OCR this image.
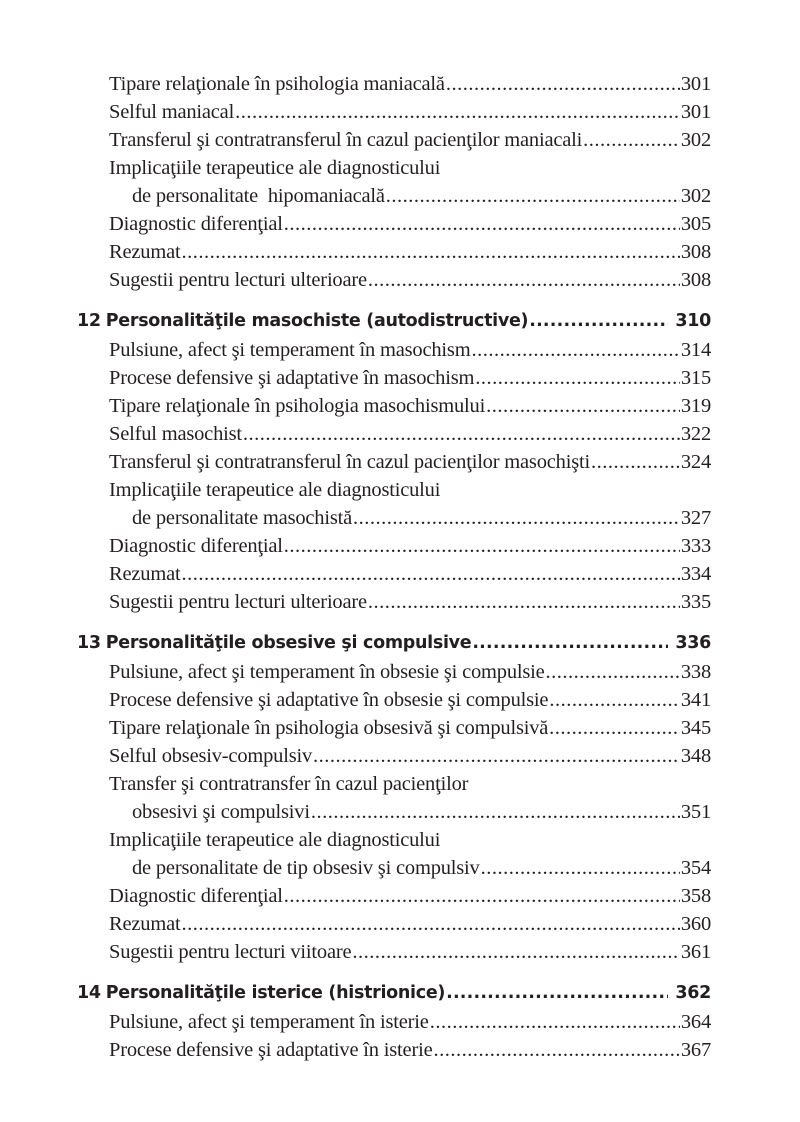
Tipare relaţionale în psihologia maniacală .....	301
Selful maniacal .....	301
Transferul şi contratransferul în cazul pacienţilor maniacali .....	302
Implicaţiile terapeutice ale diagnosticului
de personalitate  hipomaniacală .....	302
Diagnostic diferenţial .....	305
Rezumat .....	308
Sugestii pentru lecturi ulterioare .....	308
12 Personalităţile masochiste (autodistructive) .....	310
Pulsiune, afect şi temperament în masochism .....	314
Procese defensive şi adaptative în masochism .....	315
Tipare relaţionale în psihologia masochismului .....	319
Selful masochist .....	322
Transferul şi contratransferul în cazul pacienţilor masochişti .....	324
Implicaţiile terapeutice ale diagnosticului
de personalitate masochistă .....	327
Diagnostic diferenţial .....	333
Rezumat .....	334
Sugestii pentru lecturi ulterioare .....	335
13 Personalităţile obsesive şi compulsive .....	336
Pulsiune, afect şi temperament în obsesie şi compulsie .....	338
Procese defensive şi adaptative în obsesie şi compulsie .....	341
Tipare relaţionale în psihologia obsesivă şi compulsivă .....	345
Selful obsesiv-compulsiv .....	348
Transfer şi contratransfer în cazul pacienţilor
obsesivi şi compulsivi .....	351
Implicaţiile terapeutice ale diagnosticului
de personalitate de tip obsesiv şi compulsiv .....	354
Diagnostic diferenţial .....	358
Rezumat .....	360
Sugestii pentru lecturi viitoare .....	361
14 Personalităţile isterice (histrionice) .....	362
Pulsiune, afect şi temperament în isterie .....	364
Procese defensive şi adaptative în isterie .....	367
